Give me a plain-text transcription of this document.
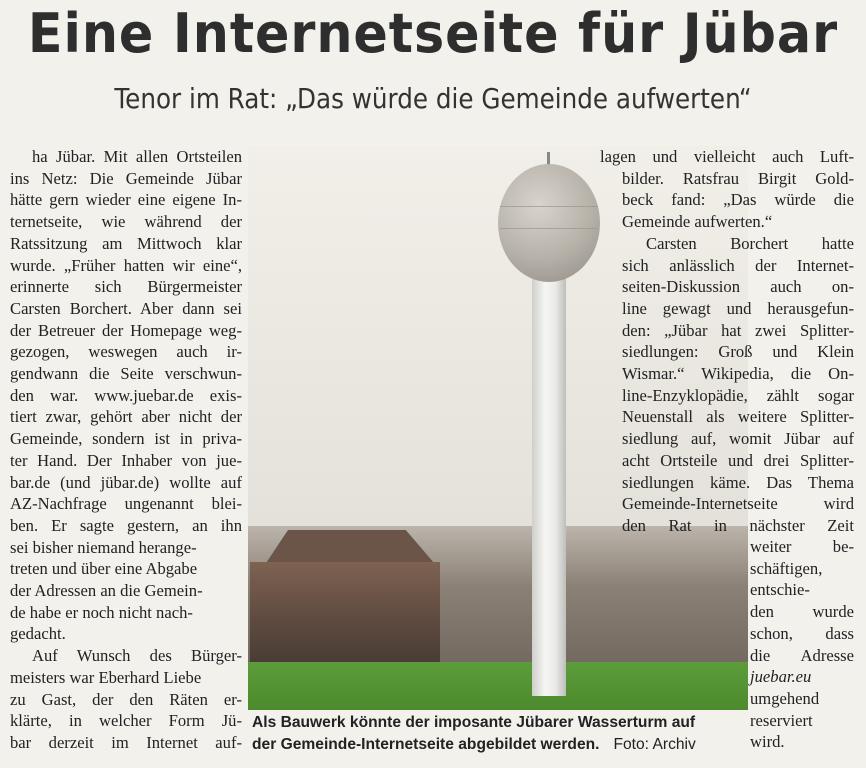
Eine Internetseite für Jübar
Tenor im Rat: „Das würde die Gemeinde aufwerten“
ha Jübar. Mit allen Ortsteilen
ins Netz: Die Gemeinde Jübar
hätte gern wieder eine eigene In-
ternetseite, wie während der
Ratssitzung am Mittwoch klar
wurde. „Früher hatten wir eine“,
erinnerte sich Bürgermeister
Carsten Borchert. Aber dann sei
der Betreuer der Homepage weg-
gezogen, weswegen auch ir-
gendwann die Seite verschwun-
den war. www.juebar.de exis-
tiert zwar, gehört aber nicht der
Gemeinde, sondern ist in priva-
ter Hand. Der Inhaber von jue-
bar.de (und jübar.de) wollte auf
AZ-Nachfrage ungenannt blei-
ben. Er sagte gestern, an ihn
sei bisher niemand herange-
treten und über eine Abgabe
der Adressen an die Gemein-
de habe er noch nicht nach-
gedacht.
Auf Wunsch des Bürger-
meisters war Eberhard Liebe
zu Gast, der den Räten er-
klärte, in welcher Form Jü-
bar derzeit im Internet auf-
lagen und vielleicht auch Luft-
bilder. Ratsfrau Birgit Gold-
beck fand: „Das würde die
Gemeinde aufwerten.“
Carsten Borchert hatte
sich anlässlich der Internet-
seiten-Diskussion auch on-
line gewagt und herausgefun-
den: „Jübar hat zwei Splitter-
siedlungen: Groß und Klein
Wismar.“ Wikipedia, die On-
line-Enzyklopädie, zählt sogar
Neuenstall als weitere Splitter-
siedlung auf, womit Jübar auf
acht Ortsteile und drei Splitter-
siedlungen käme. Das Thema
Gemeinde-Internetseite wird
den Rat in nächster Zeit
weiter be-
schäftigen,
entschie-
den wurde
schon, dass
die Adresse
juebar.eu
umgehend
reserviert
wird.
Als Bauwerk könnte der imposante Jübarer Wasserturm auf
der Gemeinde-Internetseite abgebildet werden. Foto: Archiv
